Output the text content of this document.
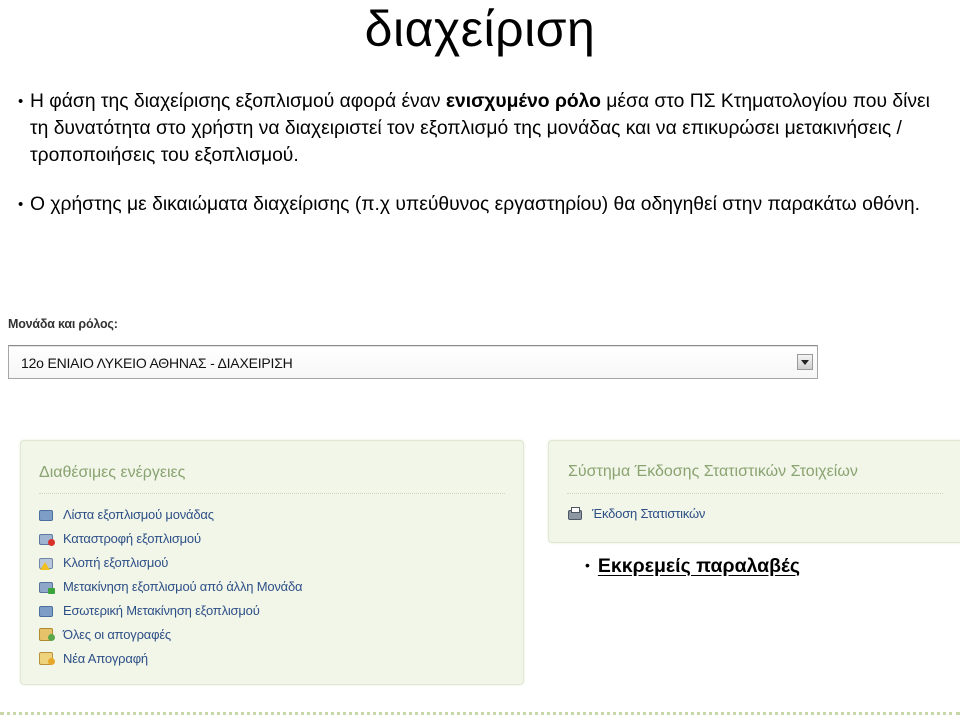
διαχείριση
• Η φάση της διαχείρισης εξοπλισμού αφορά έναν ενισχυμένο ρόλο μέσα στο ΠΣ Κτηματολογίου που δίνει τη δυνατότητα στο χρήστη να διαχειριστεί τον εξοπλισμό της μονάδας και να επικυρώσει μετακινήσεις / τροποποιήσεις του εξοπλισμού.
• Ο χρήστης με δικαιώματα διαχείρισης (π.χ υπεύθυνος εργαστηρίου) θα οδηγηθεί στην παρακάτω οθόνη.
Μονάδα και ρόλος:
12ο ΕΝΙΑΙΟ ΛΥΚΕΙΟ ΑΘΗΝΑΣ - ΔΙΑΧΕΙΡΙΣΗ
Διαθέσιμες ενέργειες
Λίστα εξοπλισμού μονάδας
Καταστροφή εξοπλισμού
Κλοπή εξοπλισμού
Μετακίνηση εξοπλισμού από άλλη Μονάδα
Εσωτερική Μετακίνηση εξοπλισμού
Όλες οι απογραφές
Νέα Απογραφή
Σύστημα Έκδοσης Στατιστικών Στοιχείων
Έκδοση Στατιστικών
• Εκκρεμείς παραλαβές
